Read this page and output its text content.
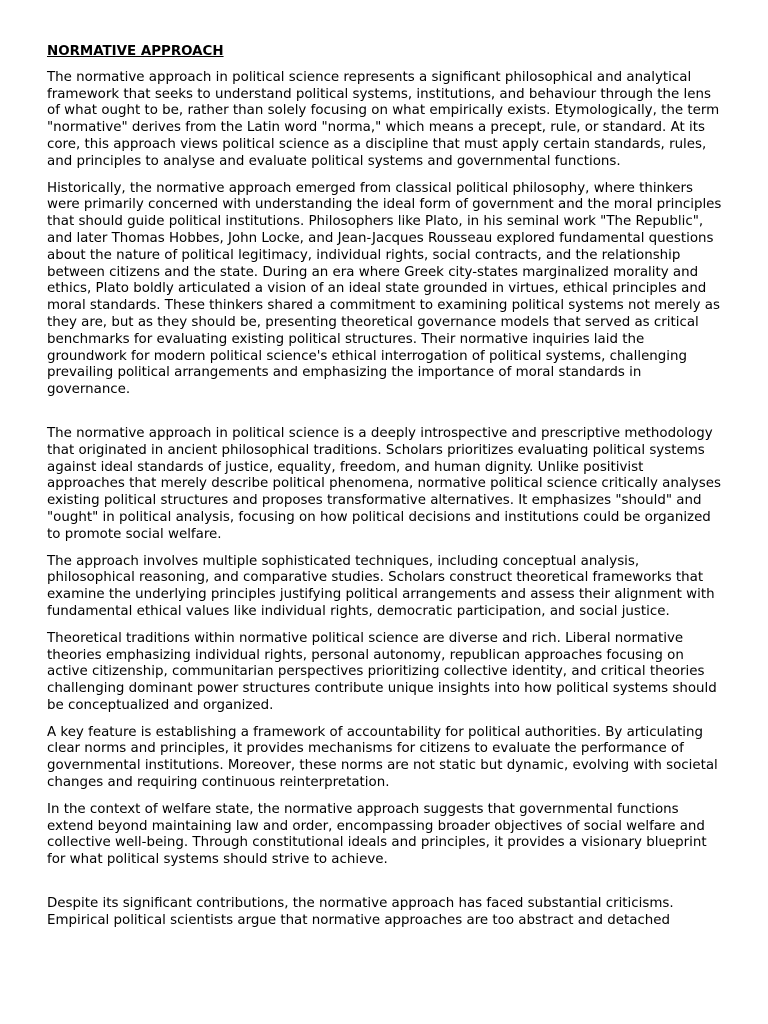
NORMATIVE APPROACH

The normative approach in political science represents a significant philosophical and analytical framework that seeks to understand political systems, institutions, and behaviour through the lens of what ought to be, rather than solely focusing on what empirically exists. Etymologically, the term "normative" derives from the Latin word "norma," which means a precept, rule, or standard. At its core, this approach views political science as a discipline that must apply certain standards, rules, and principles to analyse and evaluate political systems and governmental functions.

Historically, the normative approach emerged from classical political philosophy, where thinkers were primarily concerned with understanding the ideal form of government and the moral principles that should guide political institutions. Philosophers like Plato, in his seminal work "The Republic", and later Thomas Hobbes, John Locke, and Jean-Jacques Rousseau explored fundamental questions about the nature of political legitimacy, individual rights, social contracts, and the relationship between citizens and the state. During an era where Greek city-states marginalized morality and ethics, Plato boldly articulated a vision of an ideal state grounded in virtues, ethical principles and moral standards. These thinkers shared a commitment to examining political systems not merely as they are, but as they should be, presenting theoretical governance models that served as critical benchmarks for evaluating existing political structures. Their normative inquiries laid the groundwork for modern political science's ethical interrogation of political systems, challenging prevailing political arrangements and emphasizing the importance of moral standards in governance.

The normative approach in political science is a deeply introspective and prescriptive methodology that originated in ancient philosophical traditions. Scholars prioritizes evaluating political systems against ideal standards of justice, equality, freedom, and human dignity. Unlike positivist approaches that merely describe political phenomena, normative political science critically analyses existing political structures and proposes transformative alternatives. It emphasizes "should" and "ought" in political analysis, focusing on how political decisions and institutions could be organized to promote social welfare.

The approach involves multiple sophisticated techniques, including conceptual analysis, philosophical reasoning, and comparative studies. Scholars construct theoretical frameworks that examine the underlying principles justifying political arrangements and assess their alignment with fundamental ethical values like individual rights, democratic participation, and social justice.

Theoretical traditions within normative political science are diverse and rich. Liberal normative theories emphasizing individual rights, personal autonomy, republican approaches focusing on active citizenship, communitarian perspectives prioritizing collective identity, and critical theories challenging dominant power structures contribute unique insights into how political systems should be conceptualized and organized.

A key feature is establishing a framework of accountability for political authorities. By articulating clear norms and principles, it provides mechanisms for citizens to evaluate the performance of governmental institutions. Moreover, these norms are not static but dynamic, evolving with societal changes and requiring continuous reinterpretation.

In the context of welfare state, the normative approach suggests that governmental functions extend beyond maintaining law and order, encompassing broader objectives of social welfare and collective well-being. Through constitutional ideals and principles, it provides a visionary blueprint for what political systems should strive to achieve.

Despite its significant contributions, the normative approach has faced substantial criticisms. Empirical political scientists argue that normative approaches are too abstract and detached
